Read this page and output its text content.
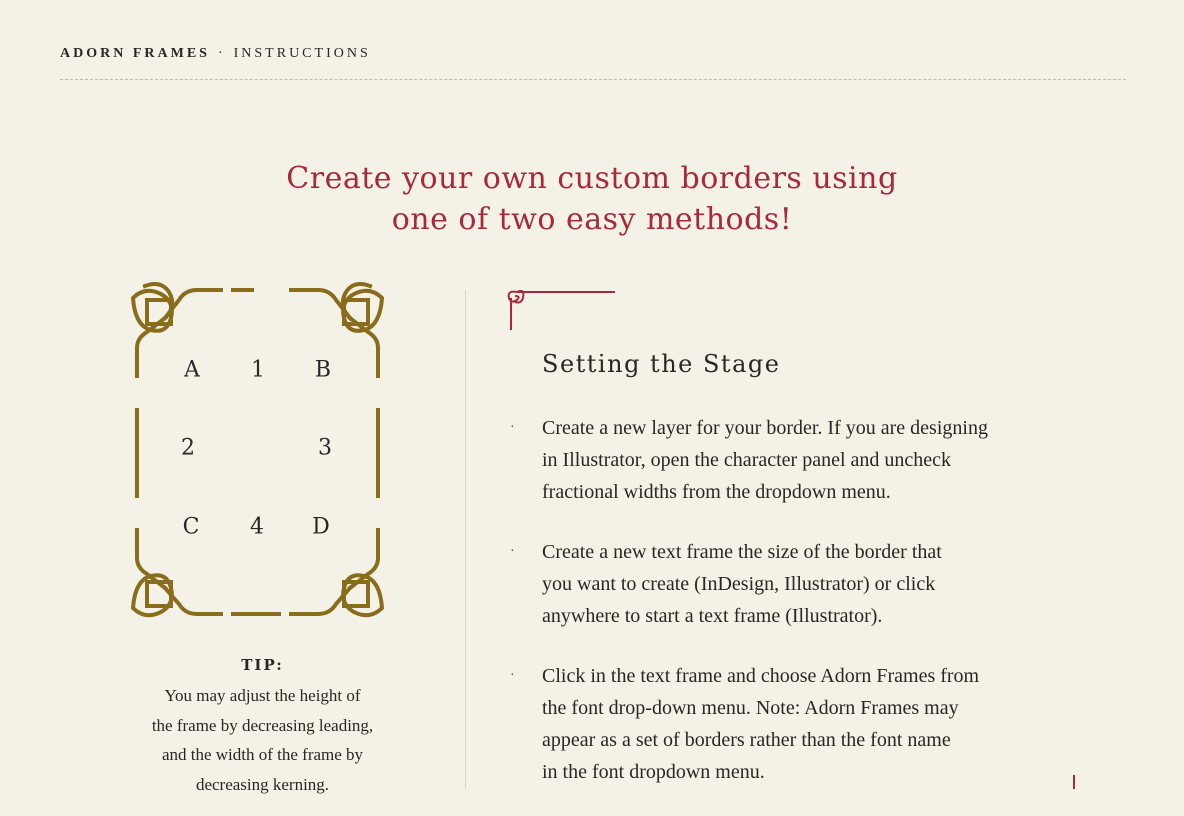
ADORN FRAMES · INSTRUCTIONS
Create your own custom borders using
one of two easy methods!
A 1 B
2	3
C 4 D
TIP:
You may adjust the height of
the frame by decreasing leading,
and the width of the frame by
decreasing kerning.
Setting the Stage
· Create a new layer for your border. If you are designing
in Illustrator, open the character panel and uncheck
fractional widths from the dropdown menu.
· Create a new text frame the size of the border that
you want to create (InDesign, Illustrator) or click
anywhere to start a text frame (Illustrator).
· Click in the text frame and choose Adorn Frames from
the font drop-down menu. Note: Adorn Frames may
appear as a set of borders rather than the font name
in the font dropdown menu.
